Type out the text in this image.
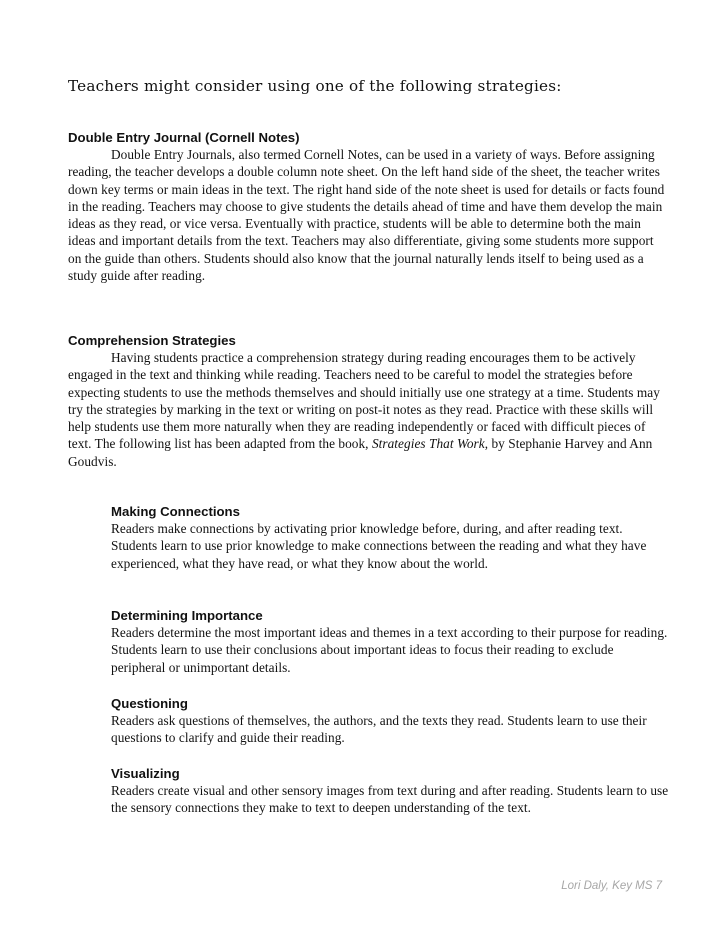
Teachers might consider using one of the following strategies:
Double Entry Journal (Cornell Notes)

Double Entry Journals, also termed Cornell Notes, can be used in a variety of ways. Before assigning reading, the teacher develops a double column note sheet. On the left hand side of the sheet, the teacher writes down key terms or main ideas in the text. The right hand side of the note sheet is used for details or facts found in the reading. Teachers may choose to give students the details ahead of time and have them develop the main ideas as they read, or vice versa. Eventually with practice, students will be able to determine both the main ideas and important details from the text. Teachers may also differentiate, giving some students more support on the guide than others. Students should also know that the journal naturally lends itself to being used as a study guide after reading.

Comprehension Strategies

Having students practice a comprehension strategy during reading encourages them to be actively engaged in the text and thinking while reading. Teachers need to be careful to model the strategies before expecting students to use the methods themselves and should initially use one strategy at a time. Students may try the strategies by marking in the text or writing on post-it notes as they read. Practice with these skills will help students use them more naturally when they are reading independently or faced with difficult pieces of text. The following list has been adapted from the book, Strategies That Work, by Stephanie Harvey and Ann Goudvis.

Making Connections

Readers make connections by activating prior knowledge before, during, and after reading text. Students learn to use prior knowledge to make connections between the reading and what they have experienced, what they have read, or what they know about the world.

Determining Importance

Readers determine the most important ideas and themes in a text according to their purpose for reading. Students learn to use their conclusions about important ideas to focus their reading to exclude peripheral or unimportant details.

Questioning

Readers ask questions of themselves, the authors, and the texts they read. Students learn to use their questions to clarify and guide their reading.

Visualizing

Readers create visual and other sensory images from text during and after reading. Students learn to use the sensory connections they make to text to deepen understanding of the text.

Lori Daly, Key MS 7
